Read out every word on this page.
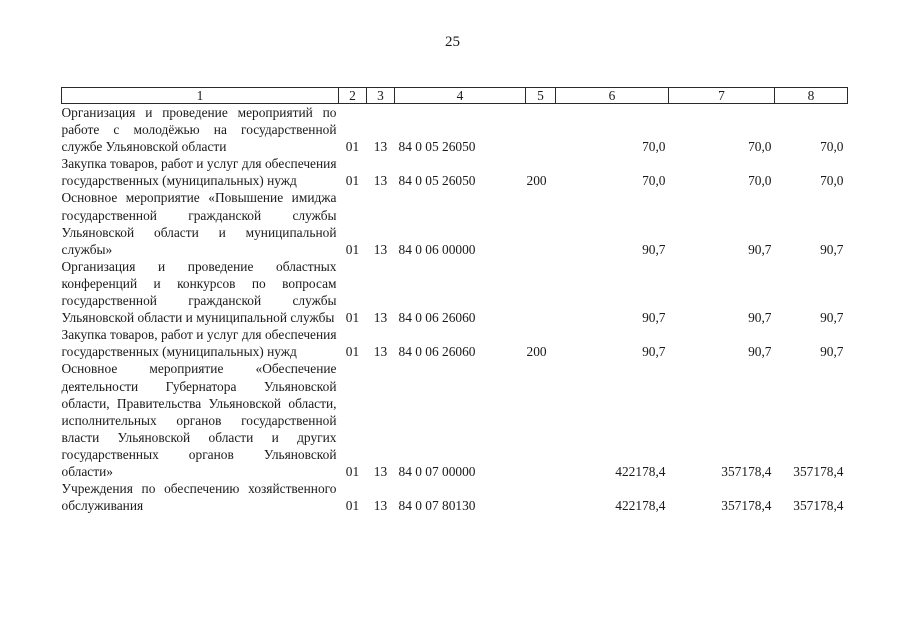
25
1	2	3	4	5	6	7	8
Организация и проведение мероприятий по работе с молодёжью на государственной службе Ульяновской области	01	13	84 0 05 26050		70,0	70,0	70,0
Закупка товаров, работ и услуг для обеспечения государственных (муниципальных) нужд	01	13	84 0 05 26050	200	70,0	70,0	70,0
Основное мероприятие «Повышение имиджа государственной гражданской службы Ульяновской области и муниципальной службы»	01	13	84 0 06 00000		90,7	90,7	90,7
Организация и проведение областных конференций и конкурсов по вопросам государственной гражданской службы Ульяновской области и муниципальной службы	01	13	84 0 06 26060		90,7	90,7	90,7
Закупка товаров, работ и услуг для обеспечения государственных (муниципальных) нужд	01	13	84 0 06 26060	200	90,7	90,7	90,7
Основное мероприятие «Обеспечение деятельности Губернатора Ульяновской области, Правительства Ульяновской области, исполнительных органов государственной власти Ульяновской области и других государственных органов Ульяновской области»	01	13	84 0 07 00000		422178,4	357178,4	357178,4
Учреждения по обеспечению хозяйственного обслуживания	01	13	84 0 07 80130		422178,4	357178,4	357178,4
